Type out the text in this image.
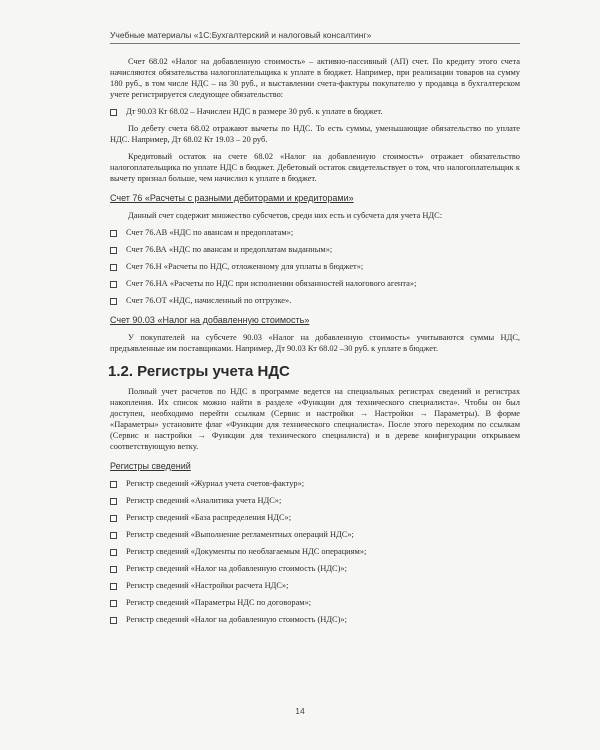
Учебные материалы «1С:Бухгалтерский и налоговый консалтинг»

Счет 68.02 «Налог на добавленную стоимость» – активно-пассивный (АП) счет. По кредиту этого счета начисляются обязательства налогоплательщика к уплате в бюджет. Например, при реализации товаров на сумму 180 руб., в том числе НДС – на 30 руб., и выставлении счета-фактуры покупателю у продавца в бухгалтерском учете регистрируется следующее обязательство:

Дт 90.03 Кт 68.02 – Начислен НДС в размере 30 руб. к уплате в бюджет.

По дебету счета 68.02 отражают вычеты по НДС. То есть суммы, уменьшающие обязательство по уплате НДС. Например, Дт 68.02 Кт 19.03 – 20 руб.

Кредитовый остаток на счете 68.02 «Налог на добавленную стоимость» отражает обязательство налогоплательщика по уплате НДС в бюджет. Дебетовый остаток свидетельствует о том, что налогоплательщик к вычету признал больше, чем начислил к уплате в бюджет.

Счет 76 «Расчеты с разными дебиторами и кредиторами»

Данный счет содержит множество субсчетов, среди них есть и субсчета для учета НДС:

Счет 76.АВ «НДС по авансам и предоплатам»;
Счет 76.ВА «НДС по авансам и предоплатам выданным»;
Счет 76.Н «Расчеты по НДС, отложенному для уплаты в бюджет»;
Счет 76.НА «Расчеты по НДС при исполнении обязанностей налогового агента»;
Счет 76.ОТ «НДС, начисленный по отгрузке».
Счет 90.03 «Налог на добавленную стоимость»

У покупателей на субсчете 90.03 «Налог на добавленную стоимость» учитываются суммы НДС, предъявленные им поставщиками. Например, Дт 90.03 Кт 68.02 –30 руб. к уплате в бюджет.

1.2. Регистры учета НДС

Полный учет расчетов по НДС в программе ведется на специальных регистрах сведений и регистрах накопления. Их список можно найти в разделе «Функции для технического специалиста». Чтобы он был доступен, необходимо перейти ссылкам (Сервис и настройки → Настройки → Параметры). В форме «Параметры» установите флаг «Функции для технического специалиста». После этого переходим по ссылкам (Сервис и настройки → Функции для технического специалиста) и в дереве конфигурации открываем соответствующую ветку.

Регистры сведений
Регистр сведений «Журнал учета счетов-фактур»;
Регистр сведений «Аналитика учета НДС»;
Регистр сведений «База распределения НДС»;
Регистр сведений «Выполнение регламентных операций НДС»;
Регистр сведений «Документы по необлагаемым НДС операциям»;
Регистр сведений «Налог на добавленную стоимость (НДС)»;
Регистр сведений «Настройки расчета НДС»;
Регистр сведений «Параметры НДС по договорам»;
Регистр сведений «Налог на добавленную стоимость (НДС)»;
14
